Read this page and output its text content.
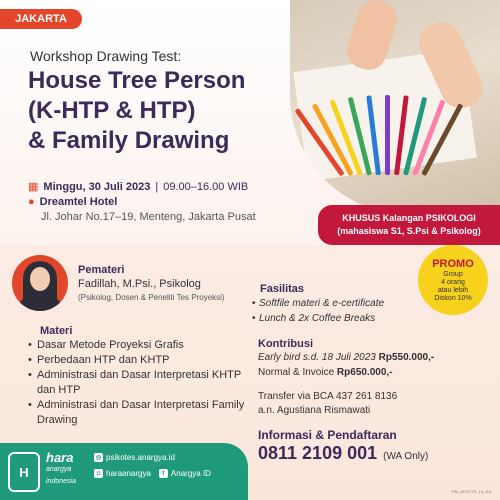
JAKARTA
Workshop Drawing Test:
House Tree Person
(K-HTP & HTP)
& Family Drawing
▦ Minggu, 30 Juli 2023 | 09.00–16.00 WIB
● Dreamtel Hotel
Jl. Johar No.17–19, Menteng, Jakarta Pusat	KHUSUS Kalangan PSIKOLOGI
(mahasiswa S1, S.Psi & Psikolog)
PROMO
Group
4 orang
atau lebih
Diskon 10%
Pemateri
Fadillah, M.Psi., Psikolog
(Psikolog, Dosen & Peneliti Tes Proyeksi)
Materi
• Dasar Metode Proyeksi Grafis
• Perbedaan HTP dan KHTP
• Administrasi dan Dasar Interpretasi KHTP dan HTP
• Administrasi dan Dasar Interpretasi Family Drawing
Fasilitas
• Softfile materi & e-certificate
• Lunch & 2x Coffee Breaks
Kontribusi
Early bird s.d. 18 Juli 2023 Rp550.000,-
Normal & Invoice Rp650.000,-
Transfer via BCA 437 261 8136
a.n. Agustiana Rismawati
Informasi & Pendaftaran
0811 2109 001 (WA Only)
H
hara
anargya
indonesia
◎ psikotes.anargya.id
◘ haraanargya	f Anargya ID
PM_ATWTTS_14_JUL
